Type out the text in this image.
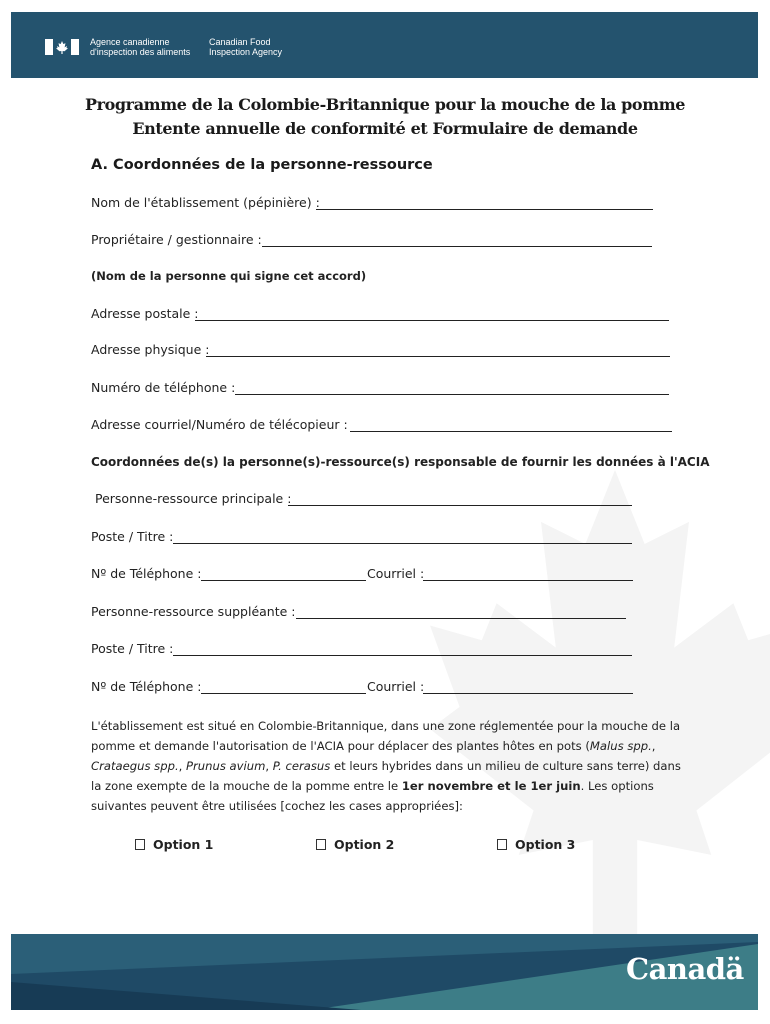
Agence canadienne
d'inspection des aliments
Canadian Food
Inspection Agency
Programme de la Colombie-Britannique pour la mouche de la pomme
Entente annuelle de conformité et Formulaire de demande
A. Coordonnées de la personne-ressource
Nom de l'établissement (pépinière) :
Propriétaire / gestionnaire :
(Nom de la personne qui signe cet accord)
Adresse postale :
Adresse physique :
Numéro de téléphone :
Adresse courriel/Numéro de télécopieur :
Coordonnées de(s) la personne(s)-ressource(s) responsable de fournir les données à l'ACIA
Personne-ressource principale :
Poste / Titre :
Nº de Téléphone :	Courriel :
Personne-ressource suppléante :
Poste / Titre :
Nº de Téléphone :	Courriel :
L'établissement est situé en Colombie-Britannique, dans une zone réglementée pour la mouche de la pomme et demande l'autorisation de l'ACIA pour déplacer des plantes hôtes en pots (Malus spp., Crataegus spp., Prunus avium, P. cerasus et leurs hybrides dans un milieu de culture sans terre) dans la zone exempte de la mouche de la pomme entre le 1er novembre et le 1er juin. Les options suivantes peuvent être utilisées [cochez les cases appropriées]:
Option 1	Option 2	Option 3
Canadä
